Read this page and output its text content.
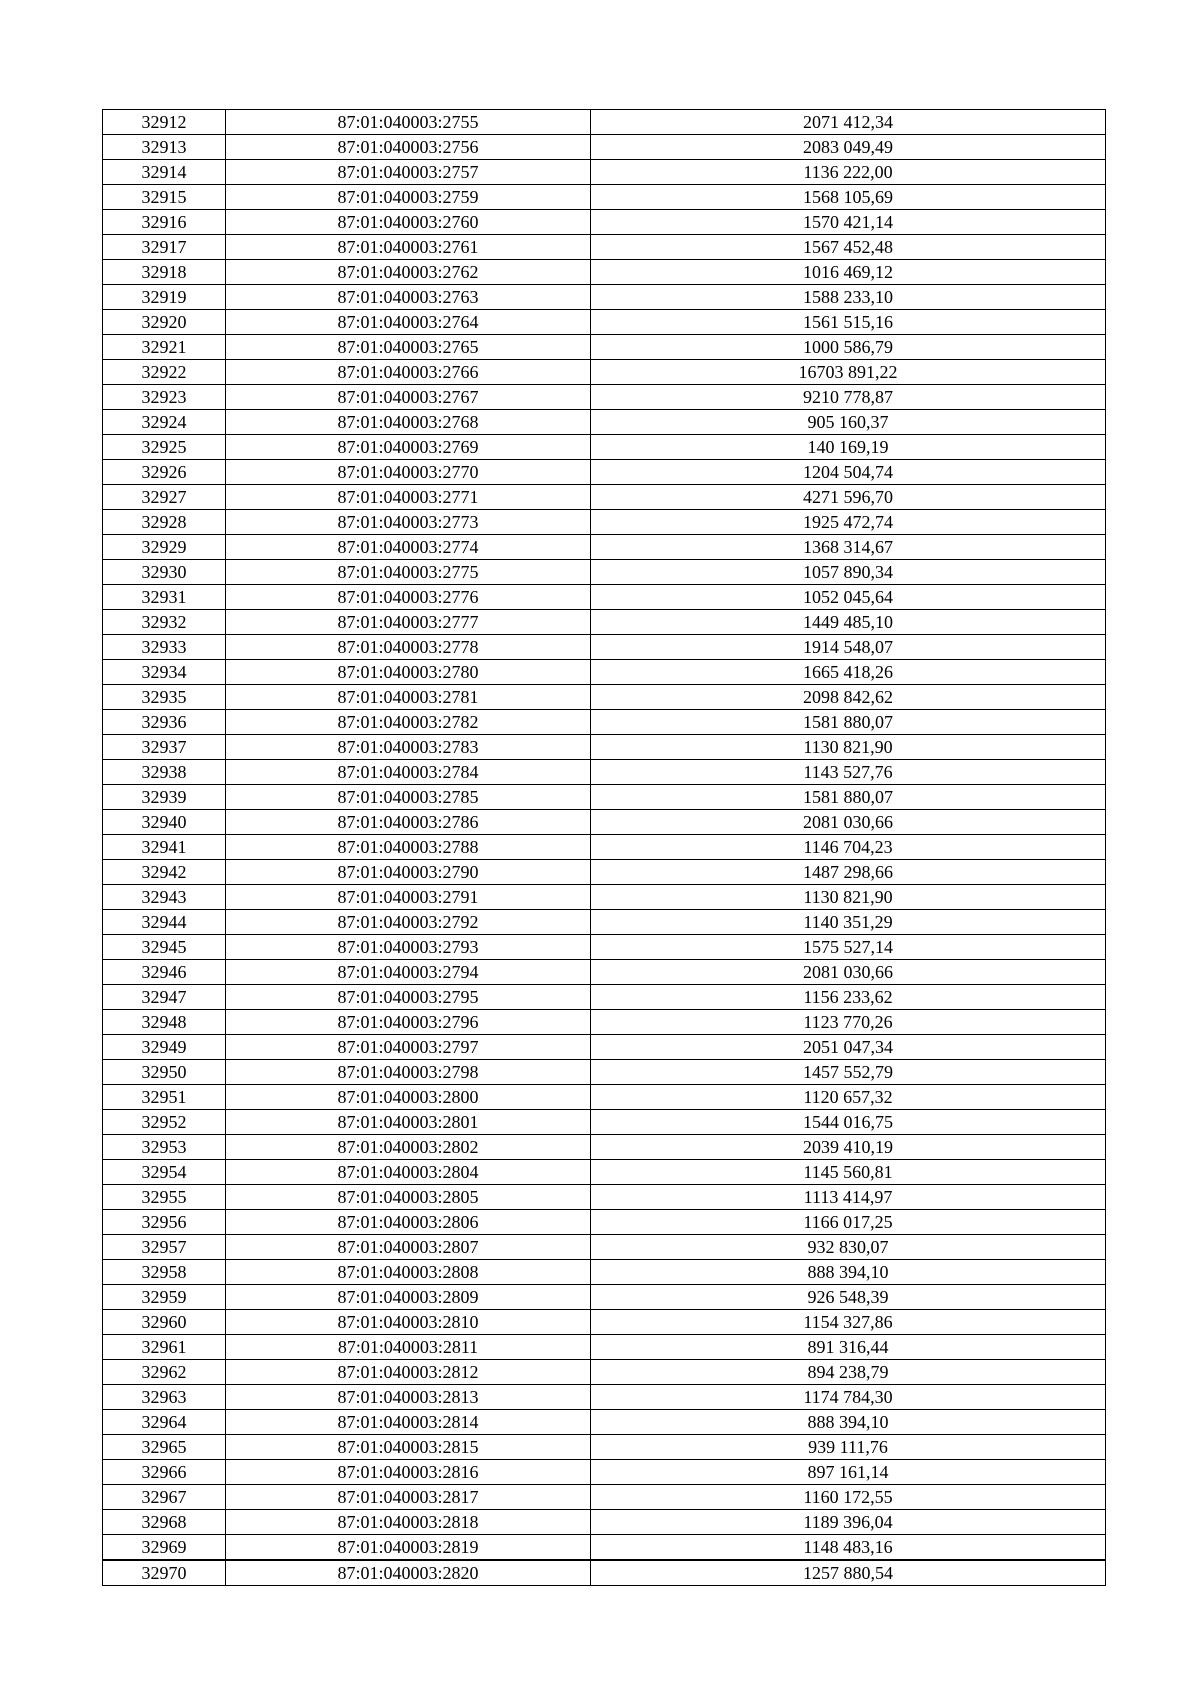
32912	87:01:040003:2755	2071 412,34
32913	87:01:040003:2756	2083 049,49
32914	87:01:040003:2757	1136 222,00
32915	87:01:040003:2759	1568 105,69
32916	87:01:040003:2760	1570 421,14
32917	87:01:040003:2761	1567 452,48
32918	87:01:040003:2762	1016 469,12
32919	87:01:040003:2763	1588 233,10
32920	87:01:040003:2764	1561 515,16
32921	87:01:040003:2765	1000 586,79
32922	87:01:040003:2766	16703 891,22
32923	87:01:040003:2767	9210 778,87
32924	87:01:040003:2768	905 160,37
32925	87:01:040003:2769	140 169,19
32926	87:01:040003:2770	1204 504,74
32927	87:01:040003:2771	4271 596,70
32928	87:01:040003:2773	1925 472,74
32929	87:01:040003:2774	1368 314,67
32930	87:01:040003:2775	1057 890,34
32931	87:01:040003:2776	1052 045,64
32932	87:01:040003:2777	1449 485,10
32933	87:01:040003:2778	1914 548,07
32934	87:01:040003:2780	1665 418,26
32935	87:01:040003:2781	2098 842,62
32936	87:01:040003:2782	1581 880,07
32937	87:01:040003:2783	1130 821,90
32938	87:01:040003:2784	1143 527,76
32939	87:01:040003:2785	1581 880,07
32940	87:01:040003:2786	2081 030,66
32941	87:01:040003:2788	1146 704,23
32942	87:01:040003:2790	1487 298,66
32943	87:01:040003:2791	1130 821,90
32944	87:01:040003:2792	1140 351,29
32945	87:01:040003:2793	1575 527,14
32946	87:01:040003:2794	2081 030,66
32947	87:01:040003:2795	1156 233,62
32948	87:01:040003:2796	1123 770,26
32949	87:01:040003:2797	2051 047,34
32950	87:01:040003:2798	1457 552,79
32951	87:01:040003:2800	1120 657,32
32952	87:01:040003:2801	1544 016,75
32953	87:01:040003:2802	2039 410,19
32954	87:01:040003:2804	1145 560,81
32955	87:01:040003:2805	1113 414,97
32956	87:01:040003:2806	1166 017,25
32957	87:01:040003:2807	932 830,07
32958	87:01:040003:2808	888 394,10
32959	87:01:040003:2809	926 548,39
32960	87:01:040003:2810	1154 327,86
32961	87:01:040003:2811	891 316,44
32962	87:01:040003:2812	894 238,79
32963	87:01:040003:2813	1174 784,30
32964	87:01:040003:2814	888 394,10
32965	87:01:040003:2815	939 111,76
32966	87:01:040003:2816	897 161,14
32967	87:01:040003:2817	1160 172,55
32968	87:01:040003:2818	1189 396,04
32969	87:01:040003:2819	1148 483,16
32970	87:01:040003:2820	1257 880,54
